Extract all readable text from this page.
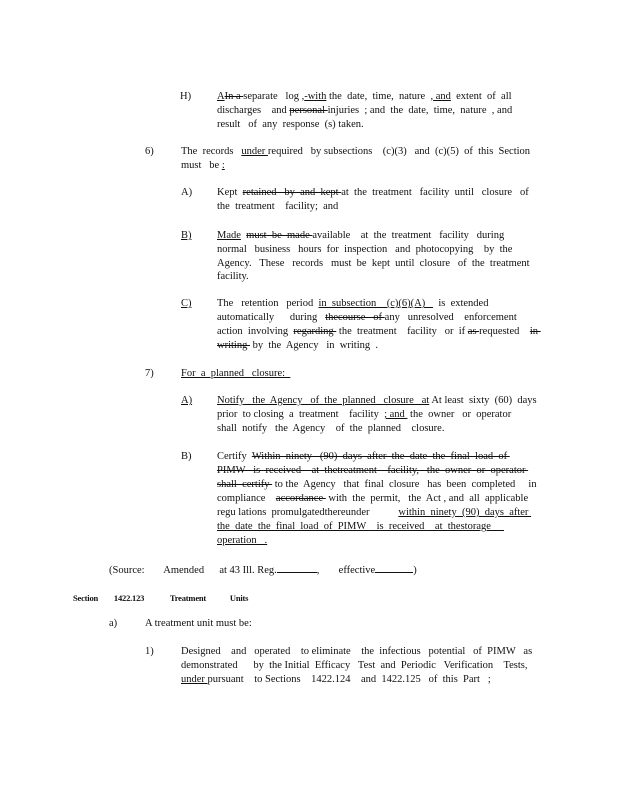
H) AIn a separate   log ,-with the  date,  time,  nature  , and  extent  of  all
discharges    and personal injuries  ; and  the  date,  time,  nature  , and
result   of  any  response  (s) taken.
6)	The  records   under required   by subsections    (c)(3)   and  (c)(5)  of  this  Section
must   be :
A) Kept  retained   by  and  kept at  the  treatment   facility  until   closure   of
the  treatment    facility;  and
B) Made must  be  made available    at  the  treatment   facility   during
normal   business   hours  for  inspection   and  photocopying    by  the
Agency.   These   records   must  be  kept  until  closure   of  the  treatment
facility.
C) The   retention   period  in  subsection    (c)(6)(A)     is  extended
automatically      during   thecourse   of any   unresolved    enforcement
action  involving  regarding  the  treatment    facility   or  if as requested    in
writing  by  the  Agency   in  writing  .
7)	For  a  planned   closure:
A) Notify   the  Agency   of  the  planned   closure   at At least  sixty  (60)  days
prior  to closing  a  treatment    facility  ; and  the  owner   or  operator
shall  notify   the  Agency    of  the  planned    closure.
B) Certify  Within  ninety   (90)  days  after  the  date  the  final  load  of
PIMW   is  received    at  thetreatment    facility,   the  owner  or  operator
shall  certify  to the  Agency   that  final  closure   has  been  completed     in
compliance    accordance  with  the  permit,   the  Act , and  all  applicable
regu lations  promulgatedthereunder           within  ninety  (90)  days  after
the  date  the  final  load  of  PIMW    is  received    at  thestorage
operation   .
(Source: Amended at 43 Ill. Reg.	, effective	)
Section 1422.123	Treatment	Units
a)	A treatment unit must be:
1)	Designed    and   operated    to eliminate    the  infectious   potential   of  PIMW   as
demonstrated      by  the Initial  Efficacy   Test  and  Periodic   Verification    Tests,
under pursuant    to Sections    1422.124    and  1422.125   of  this  Part   ;
